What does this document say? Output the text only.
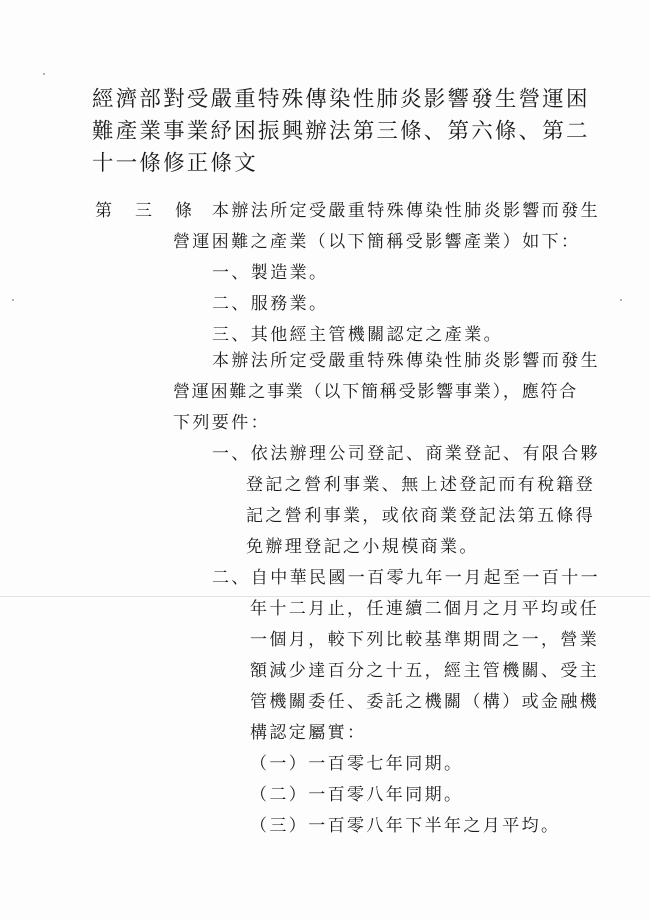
經濟部對受嚴重特殊傳染性肺炎影響發生營運困
難產業事業紓困振興辦法第三條、第六條、第二
十一條修正條文
第　三　條 本辦法所定受嚴重特殊傳染性肺炎影響而發生
營運困難之產業（以下簡稱受影響產業）如下：
一、製造業。
二、服務業。
三、其他經主管機關認定之產業。
本辦法所定受嚴重特殊傳染性肺炎影響而發生
營運困難之事業（以下簡稱受影響事業），應符合
下列要件：
一、依法辦理公司登記、商業登記、有限合夥
登記之營利事業、無上述登記而有稅籍登
記之營利事業，或依商業登記法第五條得
免辦理登記之小規模商業。
二、自中華民國一百零九年一月起至一百十一
年十二月止，任連續二個月之月平均或任
一個月，較下列比較基準期間之一，營業
額減少達百分之十五，經主管機關、受主
管機關委任、委託之機關（構）或金融機
構認定屬實：
（一）一百零七年同期。
（二）一百零八年同期。
（三）一百零八年下半年之月平均。
